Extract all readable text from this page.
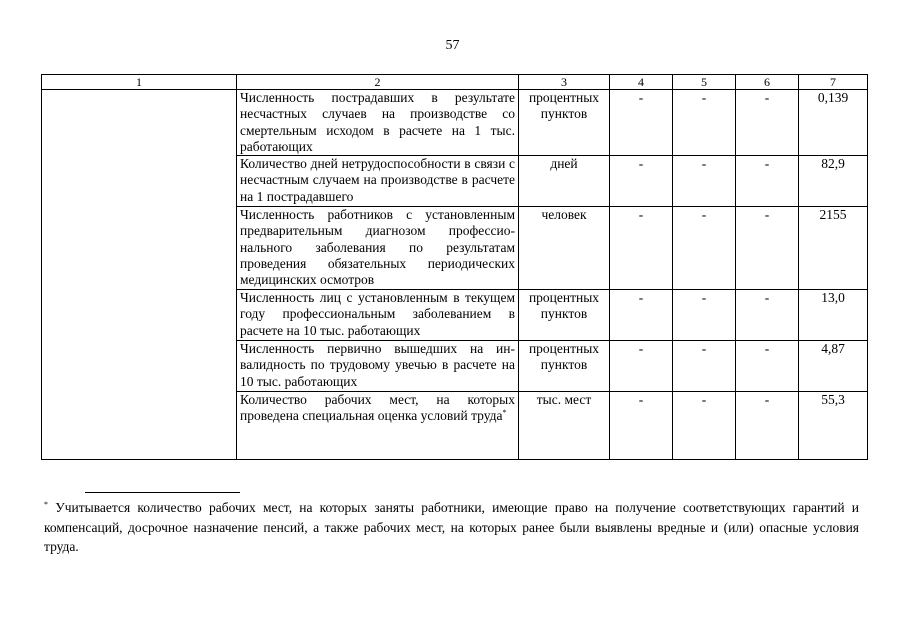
57
1	2	3	4	5	6	7
	Численность пострадавших в результате несчастных случаев на производстве со смертельным исходом в расчете на 1 тыс. работающих	процентных пунктов	-	-	-	0,139
	Количество дней нетрудоспособности в связи с несчастным случаем на производстве в расчете на 1 пострадавшего	дней	-	-	-	82,9
	Численность работников с установленным предварительным диагнозом профессионального заболевания по результатам проведения обязательных периодических медицинских осмотров	человек	-	-	-	2155
	Численность лиц с установленным в текущем году профессиональным заболеванием в расчете на 10 тыс. работающих	процентных пунктов	-	-	-	13,0
	Численность первично вышедших на инвалидность по трудовому увечью в расчете на 10 тыс. работающих	процентных пунктов	-	-	-	4,87
	Количество рабочих мест, на которых проведена специальная оценка условий труда*	тыс. мест	-	-	-	55,3
* Учитывается количество рабочих мест, на которых заняты работники, имеющие право на получение соответствующих гарантий и компенсаций, досрочное назначение пенсий, а также рабочих мест, на которых ранее были выявлены вредные и (или) опасные условия труда.
